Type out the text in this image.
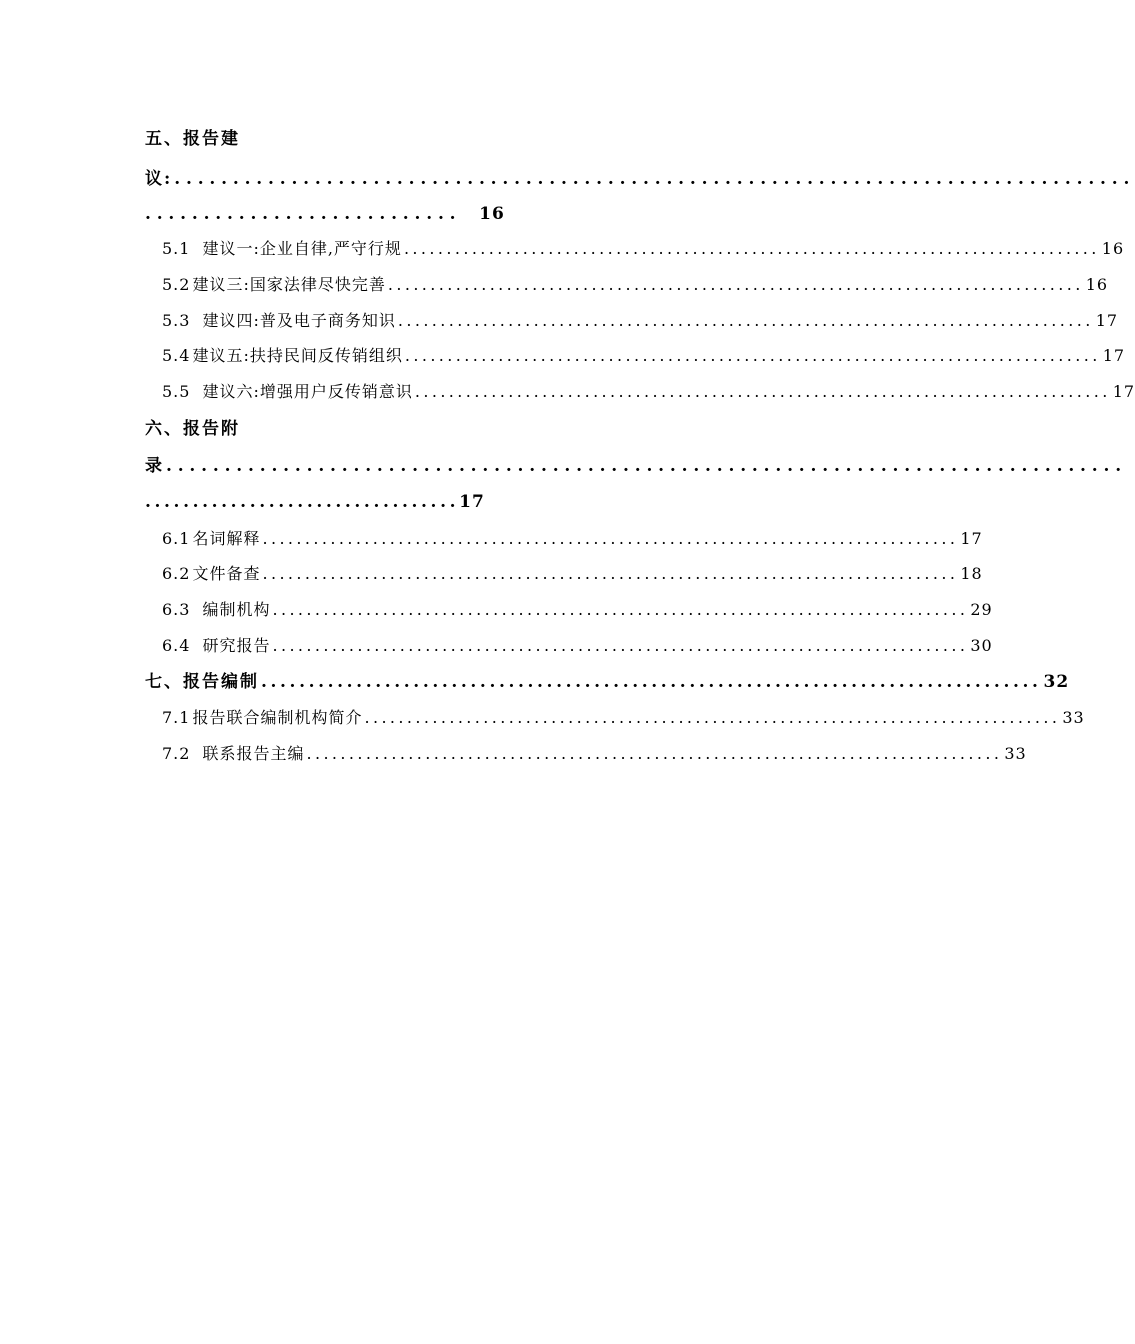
五、报告建
议: ..................................................................................
........................... 16
5.1 建议一:企业自律,严守行规 .................................................................................. 16
5.2 建议三:国家法律尽快完善 .................................................................................. 16
5.3 建议四:普及电子商务知识 .................................................................................. 17
5.4 建议五:扶持民间反传销组织 .................................................................................. 17
5.5 建议六:增强用户反传销意识 .................................................................................. 17
六、报告附
录 ..................................................................................
.................................17
6.1 名词解释 .................................................................................. 17
6.2 文件备查 .................................................................................. 18
6.3 编制机构 .................................................................................. 29
6.4 研究报告 .................................................................................. 30
七、报告编制 .................................................................................. 32
7.1 报告联合编制机构简介 .................................................................................. 33
7.2 联系报告主编 .................................................................................. 33
